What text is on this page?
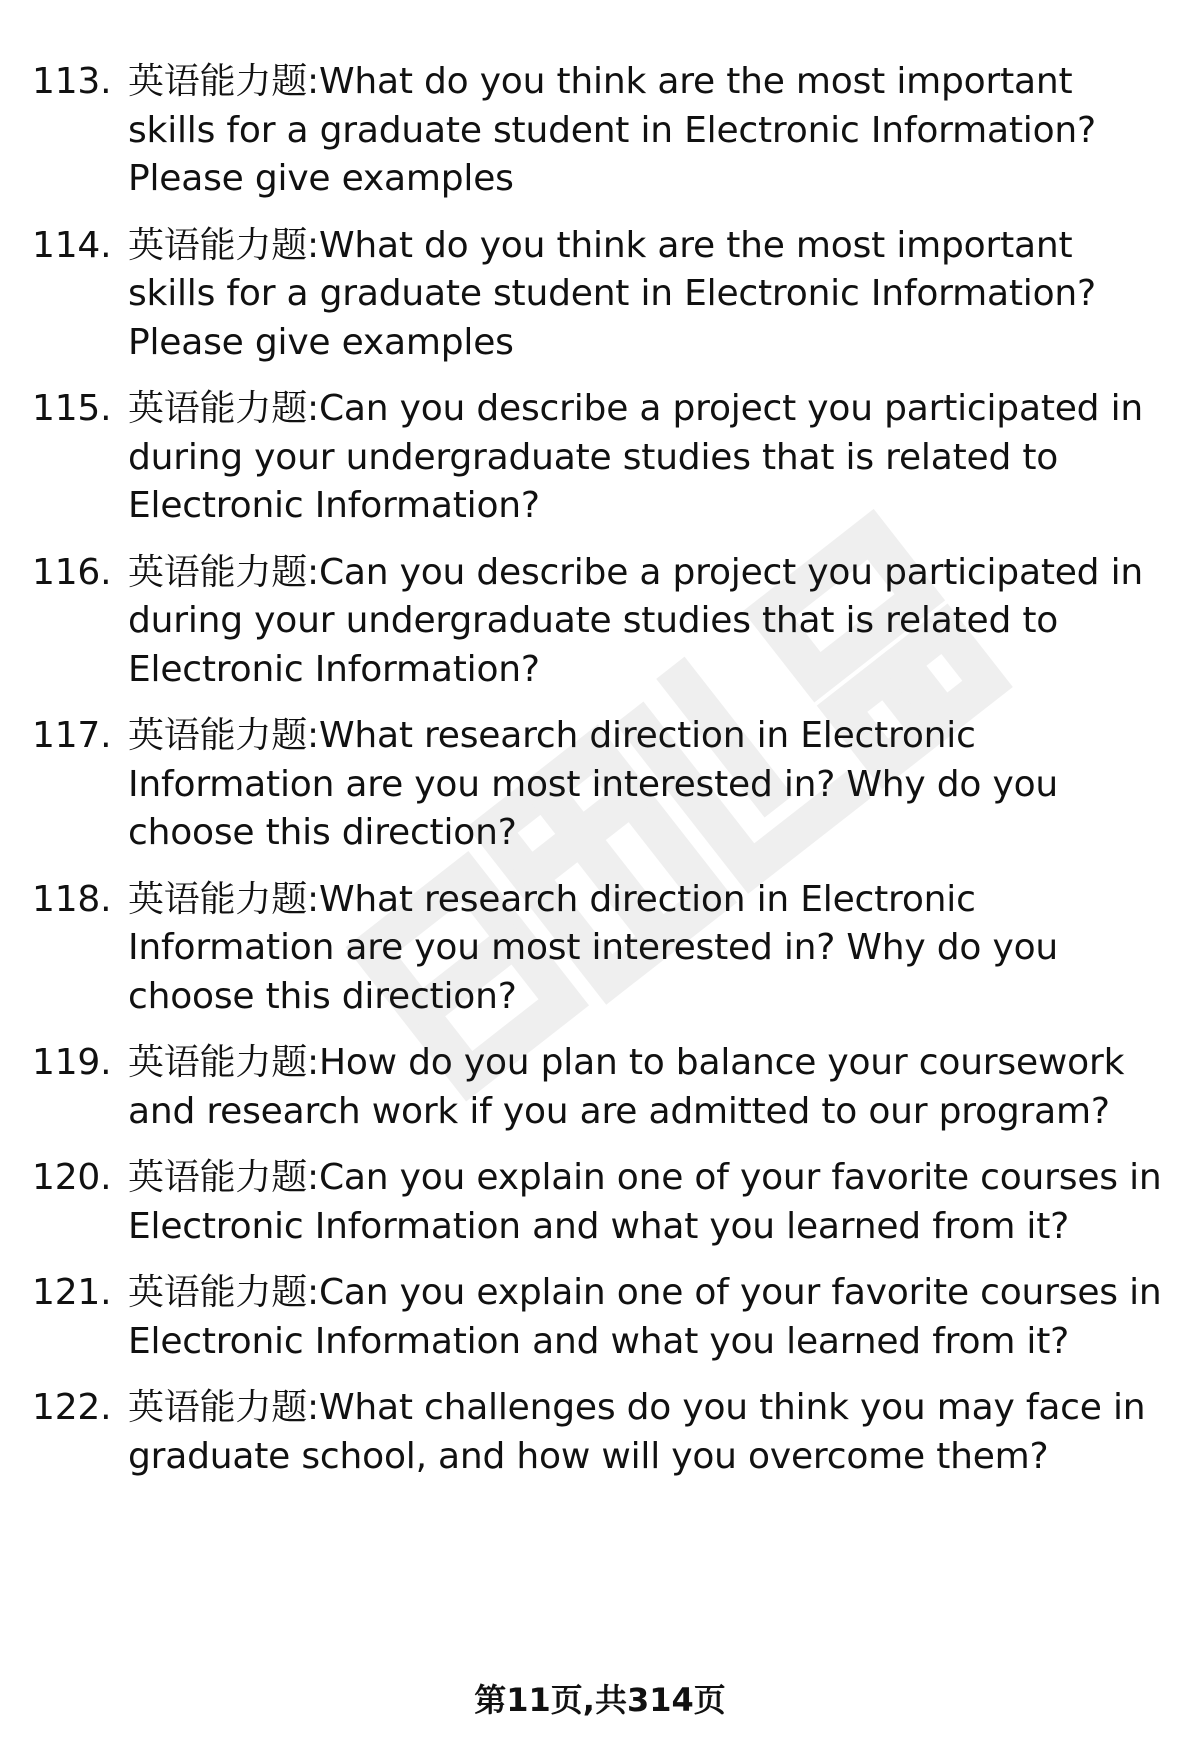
113. 英语能力题:What do you think are the most important
skills for a graduate student in Electronic Information?
Please give examples
114. 英语能力题:What do you think are the most important
skills for a graduate student in Electronic Information?
Please give examples
115. 英语能力题:Can you describe a project you participated in
during your undergraduate studies that is related to
Electronic Information?
116. 英语能力题:Can you describe a project you participated in
during your undergraduate studies that is related to
Electronic Information?
117. 英语能力题:What research direction in Electronic
Information are you most interested in? Why do you
choose this direction?
118. 英语能力题:What research direction in Electronic
Information are you most interested in? Why do you
choose this direction?
119. 英语能力题:How do you plan to balance your coursework
and research work if you are admitted to our program?
120. 英语能力题:Can you explain one of your favorite courses in
Electronic Information and what you learned from it?
121. 英语能力题:Can you explain one of your favorite courses in
Electronic Information and what you learned from it?
122. 英语能力题:What challenges do you think you may face in
graduate school, and how will you overcome them?
第11页,共314页
